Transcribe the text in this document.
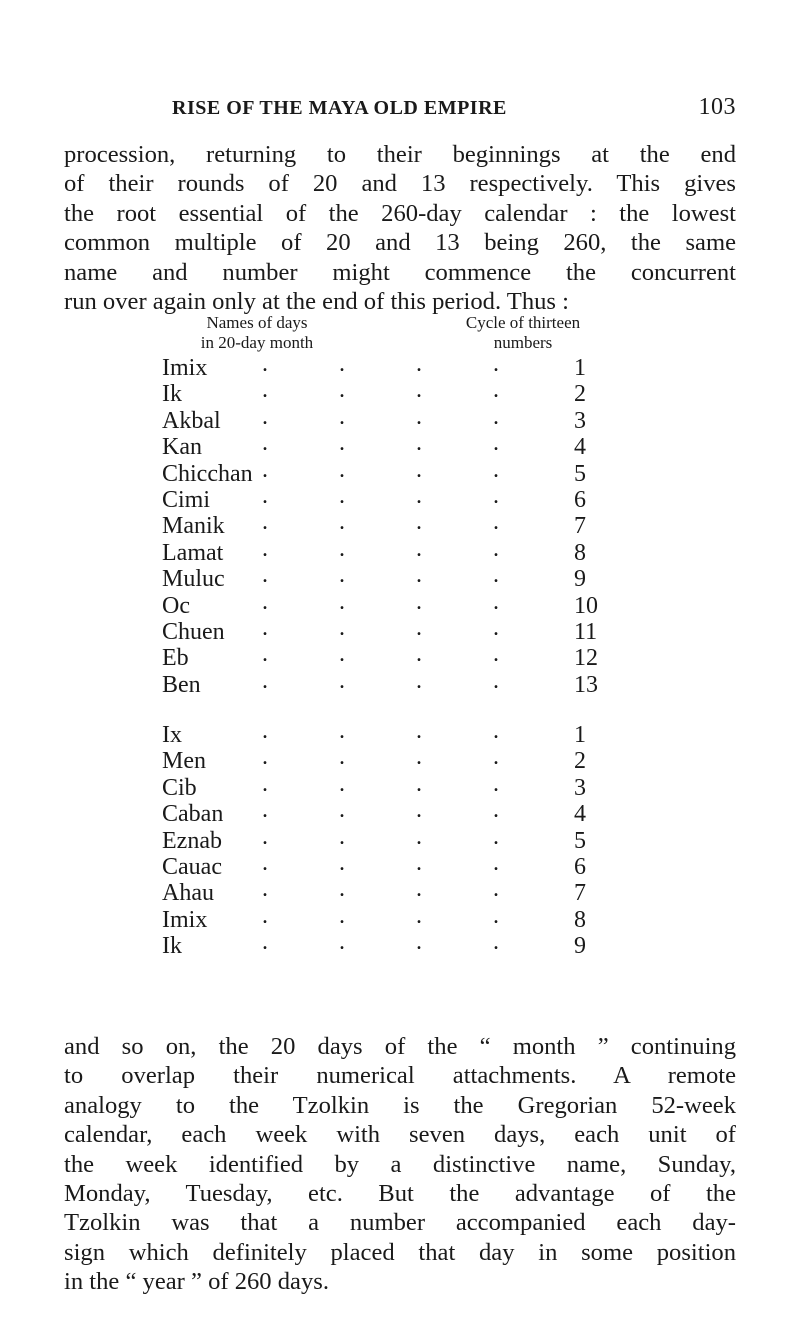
RISE OF THE MAYA OLD EMPIRE	103
procession, returning to their beginnings at the end
of their rounds of 20 and 13 respectively. This gives
the root essential of the 260-day calendar : the lowest
common multiple of 20 and 13 being 260, the same
name and number might commence the concurrent
run over again only at the end of this period. Thus :
Names of days
in 20-day month
Cycle of thirteen
numbers
Imix .	.	.	.	1
Ik	.	.	.	.	2
Akbal .	.	.	.	3
Kan	.	.	.	.	4
Chicchan .	.	.	.	5
Cimi .	.	.	.	6
Manik .	.	.	.	7
Lamat .	.	.	.	8
Muluc .	.	.	.	9
Oc	.	.	.	.	10
Chuen .	.	.	.	11
Eb	.	.	.	.	12
Ben	.	.	.	.	13
Ix	.	.	.	.	1
Men .	.	.	.	2
Cib	.	.	.	.	3
Caban .	.	.	.	4
Eznab .	.	.	.	5
Cauac .	.	.	.	6
Ahau .	.	.	.	7
Imix .	.	.	.	8
Ik	.	.	.	.	9
and so on, the 20 days of the “ month ” continuing
to overlap their numerical attachments. A remote
analogy to the Tzolkin is the Gregorian 52-week
calendar, each week with seven days, each unit of
the week identified by a distinctive name, Sunday,
Monday, Tuesday, etc. But the advantage of the
Tzolkin was that a number accompanied each day-
sign which definitely placed that day in some position
in the “ year ” of 260 days.
